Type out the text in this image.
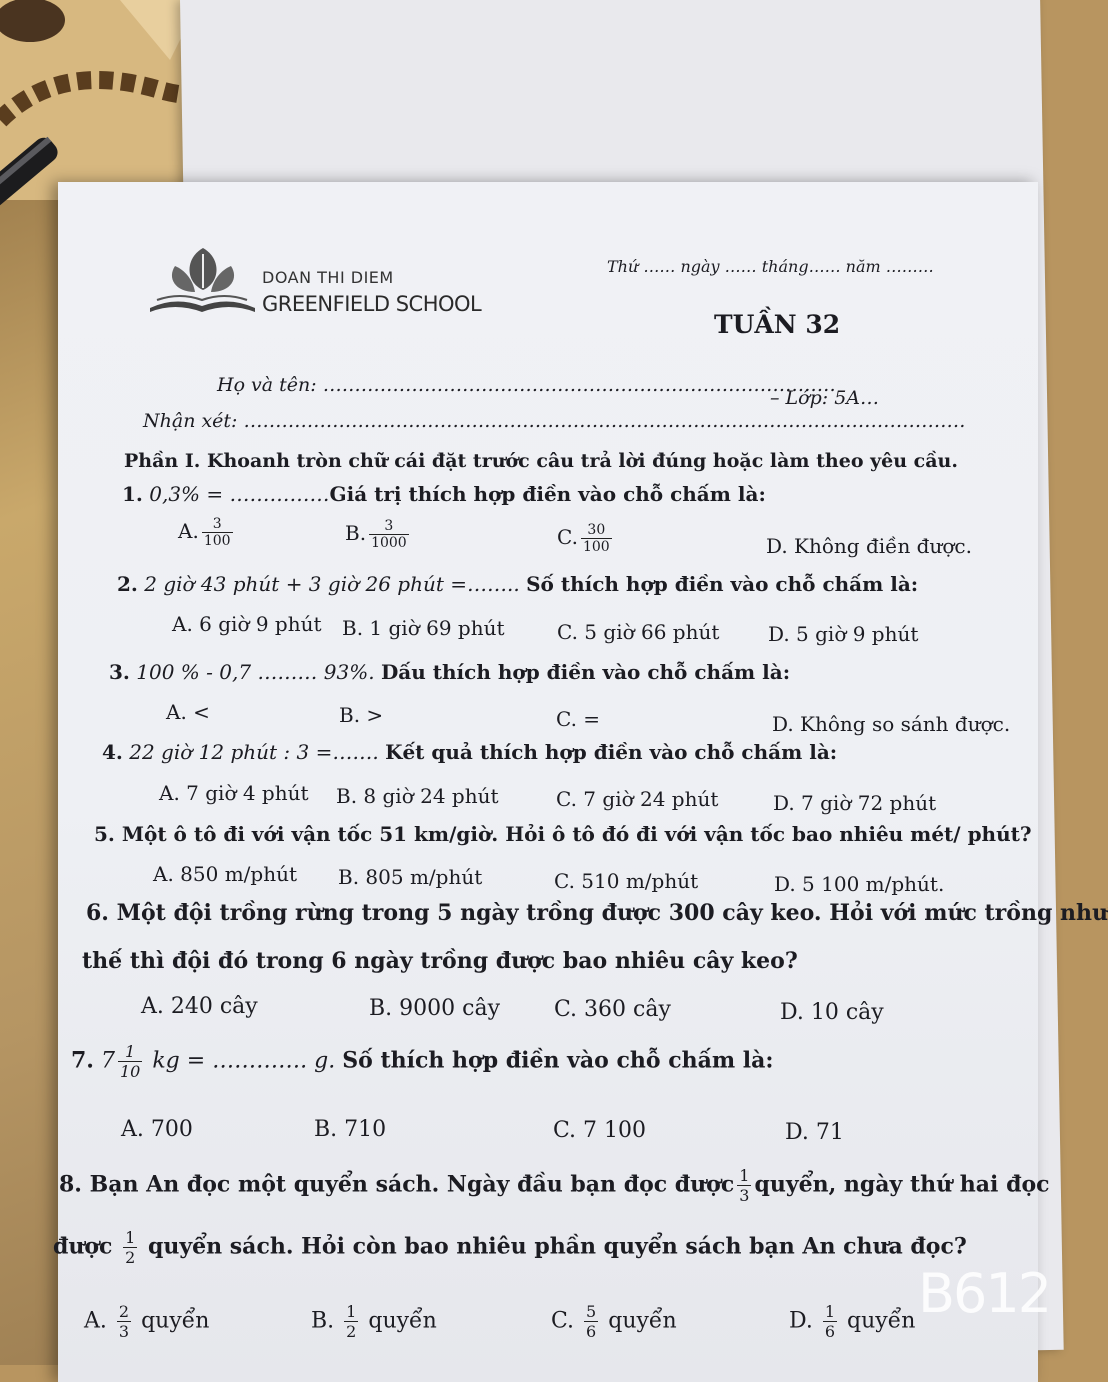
Thứ …… ngày …… tháng…… năm ………
DOAN THI DIEM
GREENFIELD SCHOOL
TUẦN 32
Họ và tên: ………………………………………………………………………
– Lớp: 5A…
Nhận xét: ……………………………………………………………………………………………………
Phần I. Khoanh tròn chữ cái đặt trước câu trả lời đúng hoặc làm theo yêu cầu.
1. 0,3% = ……………Giá trị thích hợp điền vào chỗ chấm là:
A. $\frac{3}{100}$	B. $\frac{3}{1000}$	C. $\frac{30}{100}$	D. Không điền được.
2. 2 giờ 43 phút + 3 giờ 26 phút =…….. Số thích hợp điền vào chỗ chấm là:
A. 6 giờ 9 phút B. 1 giờ 69 phút	C. 5 giờ 66 phút D. 5 giờ 9 phút
3. 100 % - 0,7 ……… 93%. Dấu thích hợp điền vào chỗ chấm là:
A. <	B. >	C. =	D. Không so sánh được.
4. 22 giờ 12 phút : 3 =……. Kết quả thích hợp điền vào chỗ chấm là:
A. 7 giờ 4 phút B. 8 giờ 24 phút	C. 7 giờ 24 phút	D. 7 giờ 72 phút
5. Một ô tô đi với vận tốc 51 km/giờ. Hỏi ô tô đó đi với vận tốc bao nhiêu mét/ phút?
A. 850 m/phút B. 805 m/phút	C. 510 m/phút	D. 5 100 m/phút.
6. Một đội trồng rừng trong 5 ngày trồng được 300 cây keo. Hỏi với mức trồng như
thế thì đội đó trong 6 ngày trồng được bao nhiêu cây keo?
A. 240 cây	B. 9000 cây C. 360 cây	D. 10 cây
7. $7 \frac{1}{10}$ kg = …………. g. Số thích hợp điền vào chỗ chấm là:
A. 700	B. 710	C. 7 100	D. 71
8. Bạn An đọc một quyển sách. Ngày đầu bạn đọc được $\frac{1}{3}$ quyển, ngày thứ hai đọc
được $\frac{1}{2}$ quyển sách. Hỏi còn bao nhiêu phần quyển sách bạn An chưa đọc?
A. $\frac{2}{3}$ quyển	B. $\frac{1}{2}$ quyển	C. $\frac{5}{6}$ quyển	D. $\frac{1}{6}$ quyển B612
